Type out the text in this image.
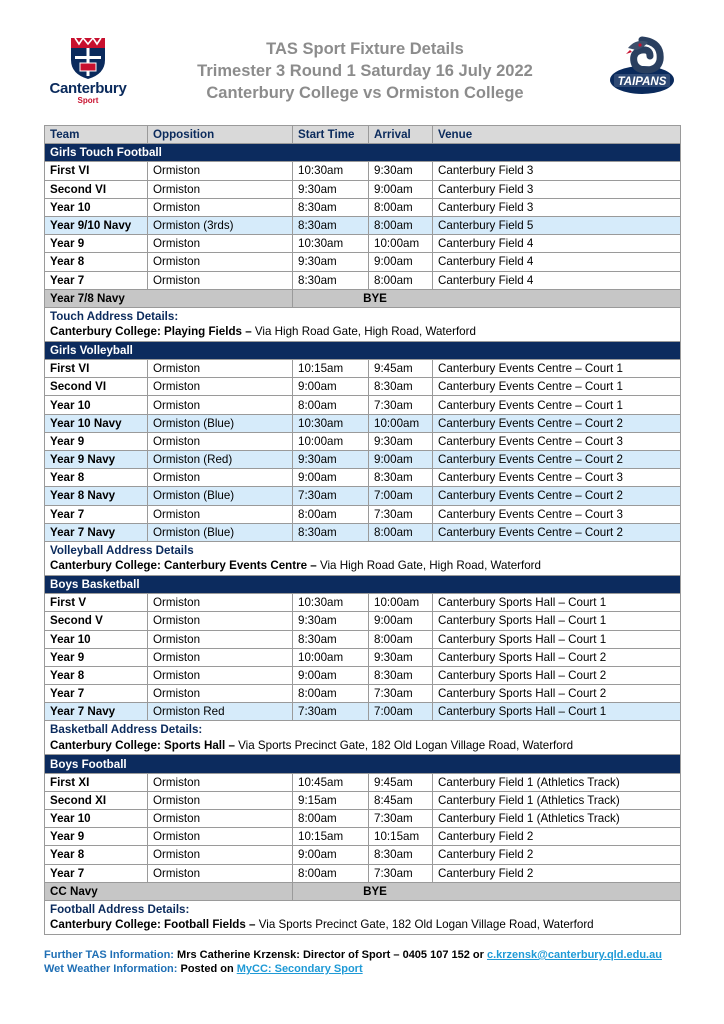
Canterbury
Sport
TAS Sport Fixture Details
Trimester 3 Round 1 Saturday 16 July 2022
Canterbury College vs Ormiston College
TAIPANS
Team	Opposition	Start Time	Arrival	Venue
Girls Touch Football				
First VI	Ormiston	10:30am	9:30am	Canterbury Field 3
Second VI	Ormiston	9:30am	9:00am	Canterbury Field 3
Year 10	Ormiston	8:30am	8:00am	Canterbury Field 3
Year 9/10 Navy	Ormiston (3rds)	8:30am	8:00am	Canterbury Field 5
Year 9	Ormiston	10:30am	10:00am	Canterbury Field 4
Year 8	Ormiston	9:30am	9:00am	Canterbury Field 4
Year 7	Ormiston	8:30am	8:00am	Canterbury Field 4
Year 7/8 Navy		BYE		

Touch Address Details:
Canterbury College: Playing Fields – Via High Road Gate, High Road, Waterford				
Girls Volleyball				
First VI	Ormiston	10:15am	9:45am	Canterbury Events Centre – Court 1
Second VI	Ormiston	9:00am	8:30am	Canterbury Events Centre – Court 1
Year 10	Ormiston	8:00am	7:30am	Canterbury Events Centre – Court 1
Year 10 Navy	Ormiston (Blue)	10:30am	10:00am	Canterbury Events Centre – Court 2
Year 9	Ormiston	10:00am	9:30am	Canterbury Events Centre – Court 3
Year 9 Navy	Ormiston (Red)	9:30am	9:00am	Canterbury Events Centre – Court 2
Year 8	Ormiston	9:00am	8:30am	Canterbury Events Centre – Court 3
Year 8 Navy	Ormiston (Blue)	7:30am	7:00am	Canterbury Events Centre – Court 2
Year 7	Ormiston	8:00am	7:30am	Canterbury Events Centre – Court 3
Year 7 Navy	Ormiston (Blue)	8:30am	8:00am	Canterbury Events Centre – Court 2

Volleyball Address Details
Canterbury College: Canterbury Events Centre – Via High Road Gate, High Road, Waterford				
Boys Basketball				
First V	Ormiston	10:30am	10:00am	Canterbury Sports Hall – Court 1
Second V	Ormiston	9:30am	9:00am	Canterbury Sports Hall – Court 1
Year 10	Ormiston	8:30am	8:00am	Canterbury Sports Hall – Court 1
Year 9	Ormiston	10:00am	9:30am	Canterbury Sports Hall – Court 2
Year 8	Ormiston	9:00am	8:30am	Canterbury Sports Hall – Court 2
Year 7	Ormiston	8:00am	7:30am	Canterbury Sports Hall – Court 2
Year 7 Navy	Ormiston Red	7:30am	7:00am	Canterbury Sports Hall – Court 1

Basketball Address Details:
Canterbury College: Sports Hall – Via Sports Precinct Gate, 182 Old Logan Village Road, Waterford				
Boys Football				
First XI	Ormiston	10:45am	9:45am	Canterbury Field 1 (Athletics Track)
Second XI	Ormiston	9:15am	8:45am	Canterbury Field 1 (Athletics Track)
Year 10	Ormiston	8:00am	7:30am	Canterbury Field 1 (Athletics Track)
Year 9	Ormiston	10:15am	10:15am	Canterbury Field 2
Year 8	Ormiston	9:00am	8:30am	Canterbury Field 2
Year 7	Ormiston	8:00am	7:30am	Canterbury Field 2
CC Navy		BYE		

Football Address Details:
Canterbury College: Football Fields – Via Sports Precinct Gate, 182 Old Logan Village Road, Waterford				
Further TAS Information: Mrs Catherine Krzensk: Director of Sport – 0405 107 152 or c.krzensk@canterbury.qld.edu.au
Wet Weather Information: Posted on MyCC: Secondary Sport
